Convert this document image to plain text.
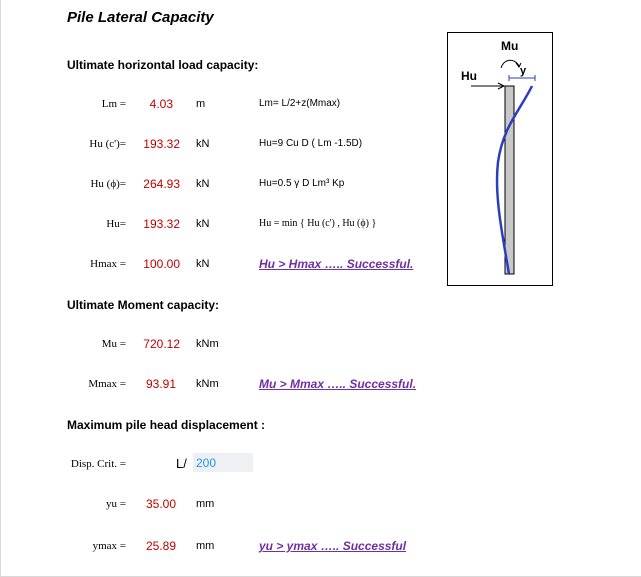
Pile Lateral Capacity
Ultimate horizontal load capacity:
Lm =	4.03 m	Lm= L/2+z(Mmax)
Hu (c')=	193.32 kN	Hu=9 Cu D ( Lm -1.5D)
Hu (ϕ)=	264.93 kN	Hu=0.5 γ D Lm³ Kp
Hu=	193.32 kN	Hu = min { Hu (c') , Hu (ϕ) }
Hmax =	100.00 kN	Hu > Hmax ….. Successful.
Ultimate Moment capacity:
Mu =	720.12 kNm
Mmax =	93.91 kNm	Mu > Mmax ….. Successful.
Maximum pile head displacement :
Disp. Crit. =	L/ 200
yu =	35.00 mm
ymax =	25.89 mm	yu > ymax ….. Successful
Mu
Hu	y
